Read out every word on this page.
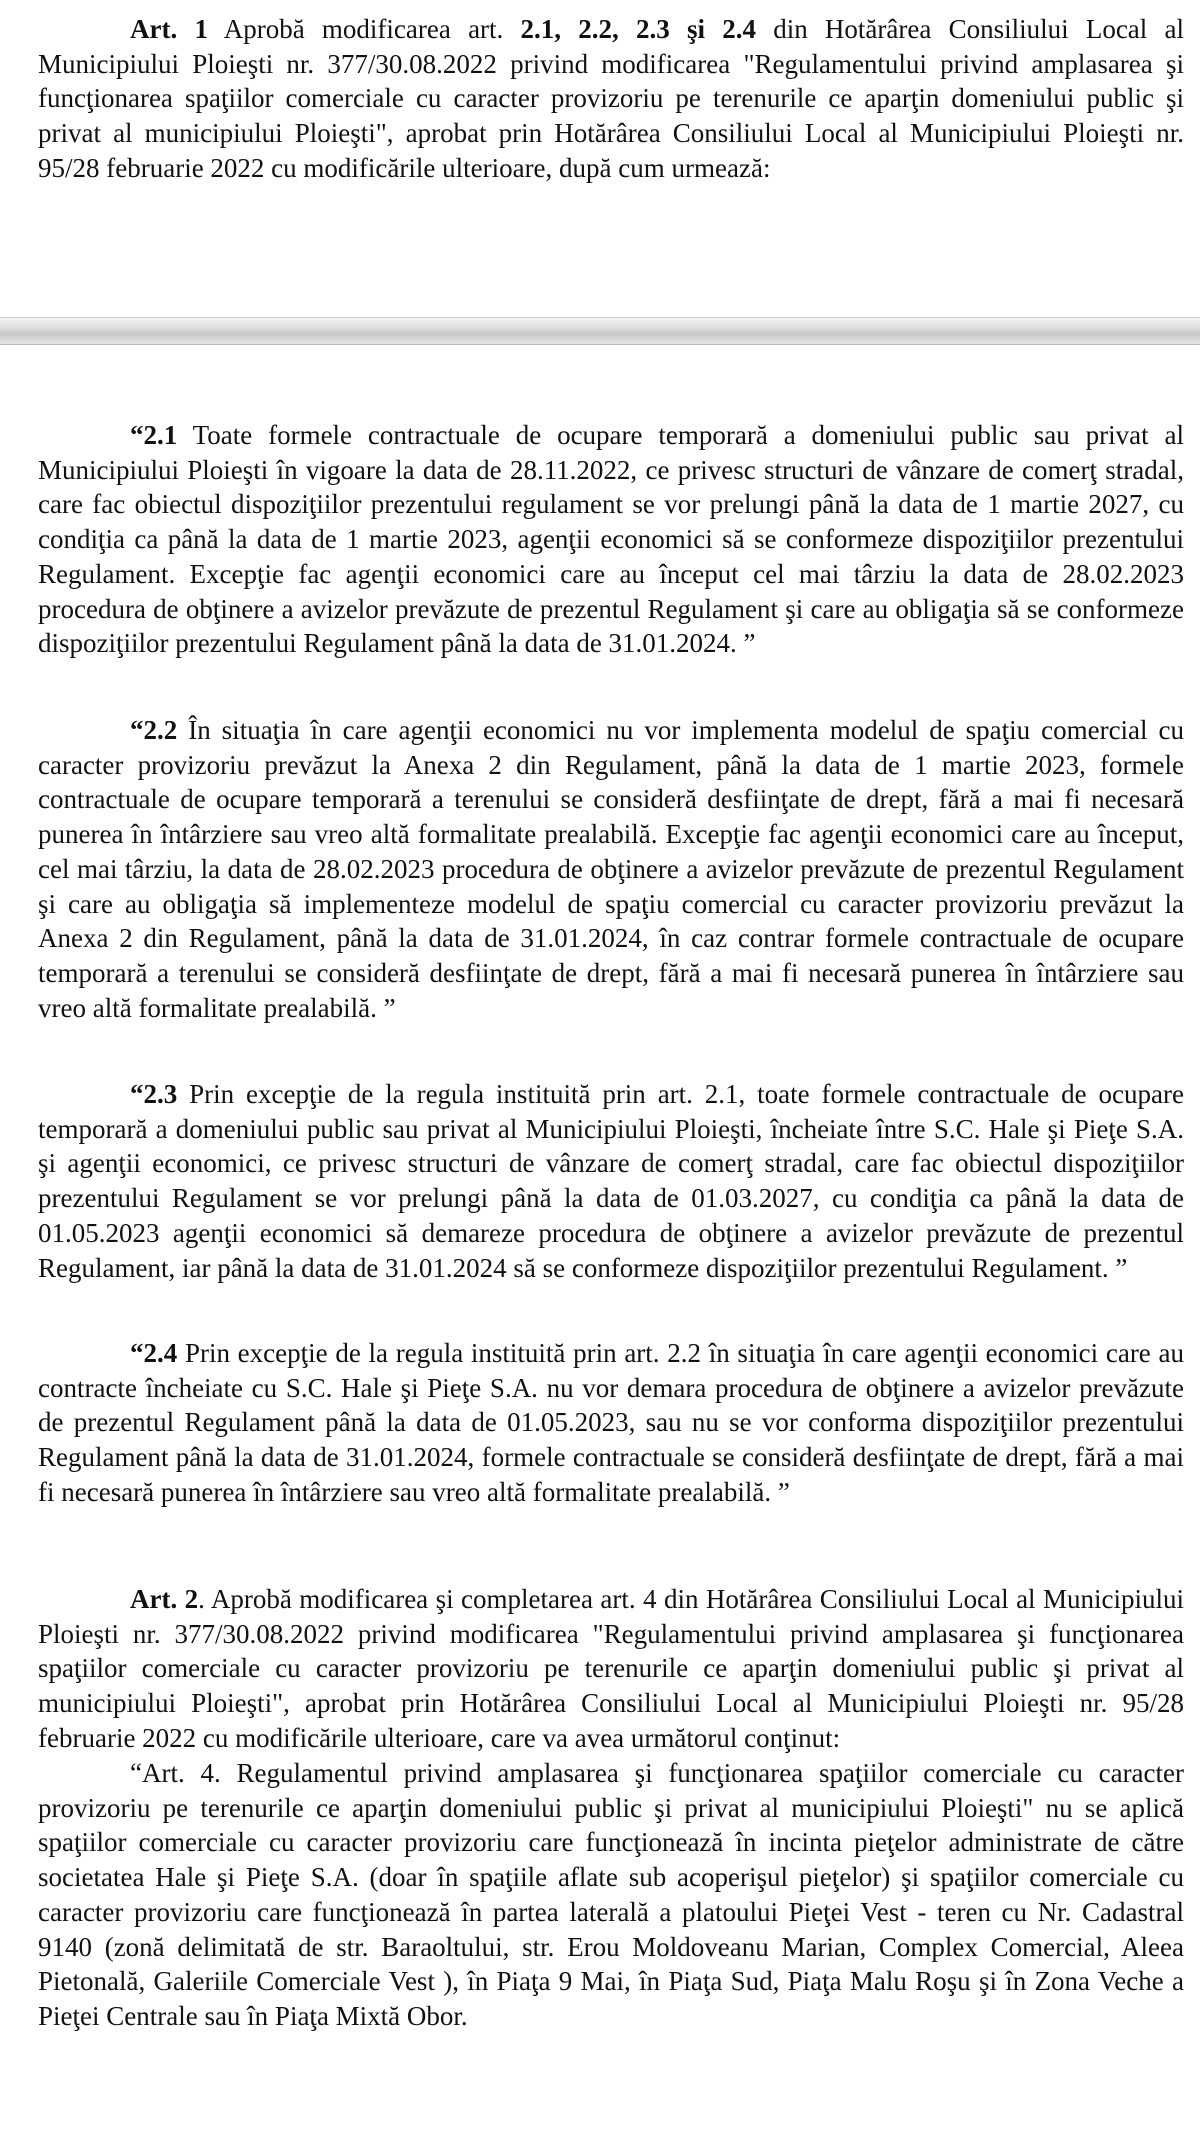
Art. 1 Aprobă modificarea art. 2.1, 2.2, 2.3 şi 2.4 din Hotărârea Consiliului Local al Municipiului Ploieşti nr. 377/30.08.2022 privind modificarea "Regulamentului privind amplasarea şi funcţionarea spaţiilor comerciale cu caracter provizoriu pe terenurile ce aparţin domeniului public şi privat al municipiului Ploieşti", aprobat prin Hotărârea Consiliului Local al Municipiului Ploieşti nr. 95/28 februarie 2022 cu modificările ulterioare, după cum urmează:

“2.1 Toate formele contractuale de ocupare temporară a domeniului public sau privat al Municipiului Ploieşti în vigoare la data de 28.11.2022, ce privesc structuri de vânzare de comerţ stradal, care fac obiectul dispoziţiilor prezentului regulament se vor prelungi până la data de 1 martie 2027, cu condiţia ca până la data de 1 martie 2023, agenţii economici să se conformeze dispoziţiilor prezentului Regulament. Excepţie fac agenţii economici care au început cel mai târziu la data de 28.02.2023 procedura de obţinere a avizelor prevăzute de prezentul Regulament şi care au obligaţia să se conformeze dispoziţiilor prezentului Regulament până la data de 31.01.2024. ”

“2.2 În situaţia în care agenţii economici nu vor implementa modelul de spaţiu comercial cu caracter provizoriu prevăzut la Anexa 2 din Regulament, până la data de 1 martie 2023, formele contractuale de ocupare temporară a terenului se consideră desfiinţate de drept, fără a mai fi necesară punerea în întârziere sau vreo altă formalitate prealabilă. Excepţie fac agenţii economici care au început, cel mai târziu, la data de 28.02.2023 procedura de obţinere a avizelor prevăzute de prezentul Regulament şi care au obligaţia să implementeze modelul de spaţiu comercial cu caracter provizoriu prevăzut la Anexa 2 din Regulament, până la data de 31.01.2024, în caz contrar formele contractuale de ocupare temporară a terenului se consideră desfiinţate de drept, fără a mai fi necesară punerea în întârziere sau vreo altă formalitate prealabilă. ”

“2.3 Prin excepţie de la regula instituită prin art. 2.1, toate formele contractuale de ocupare temporară a domeniului public sau privat al Municipiului Ploieşti, încheiate între S.C. Hale şi Pieţe S.A. şi agenţii economici, ce privesc structuri de vânzare de comerţ stradal, care fac obiectul dispoziţiilor prezentului Regulament se vor prelungi până la data de 01.03.2027, cu condiţia ca până la data de 01.05.2023 agenţii economici să demareze procedura de obţinere a avizelor prevăzute de prezentul Regulament, iar până la data de 31.01.2024 să se conformeze dispoziţiilor prezentului Regulament. ”

“2.4 Prin excepţie de la regula instituită prin art. 2.2 în situaţia în care agenţii economici care au contracte încheiate cu S.C. Hale şi Pieţe S.A. nu vor demara procedura de obţinere a avizelor prevăzute de prezentul Regulament până la data de 01.05.2023, sau nu se vor conforma dispoziţiilor prezentului Regulament până la data de 31.01.2024, formele contractuale se consideră desfiinţate de drept, fără a mai fi necesară punerea în întârziere sau vreo altă formalitate prealabilă. ”

Art. 2. Aprobă modificarea şi completarea art. 4 din Hotărârea Consiliului Local al Municipiului Ploieşti nr. 377/30.08.2022 privind modificarea "Regulamentului privind amplasarea şi funcţionarea spaţiilor comerciale cu caracter provizoriu pe terenurile ce aparţin domeniului public şi privat al municipiului Ploieşti", aprobat prin Hotărârea Consiliului Local al Municipiului Ploieşti nr. 95/28 februarie 2022 cu modificările ulterioare, care va avea următorul conţinut:

“Art. 4. Regulamentul privind amplasarea şi funcţionarea spaţiilor comerciale cu caracter provizoriu pe terenurile ce aparţin domeniului public şi privat al municipiului Ploieşti" nu se aplică spaţiilor comerciale cu caracter provizoriu care funcţionează în incinta pieţelor administrate de către societatea Hale şi Pieţe S.A. (doar în spaţiile aflate sub acoperişul pieţelor) şi spaţiilor comerciale cu caracter provizoriu care funcţionează în partea laterală a platoului Pieţei Vest - teren cu Nr. Cadastral 9140 (zonă delimitată de str. Baraoltului, str. Erou Moldoveanu Marian, Complex Comercial, Aleea Pietonală, Galeriile Comerciale Vest ), în Piaţa 9 Mai, în Piaţa Sud, Piaţa Malu Roşu şi în Zona Veche a Pieţei Centrale sau în Piaţa Mixtă Obor.
